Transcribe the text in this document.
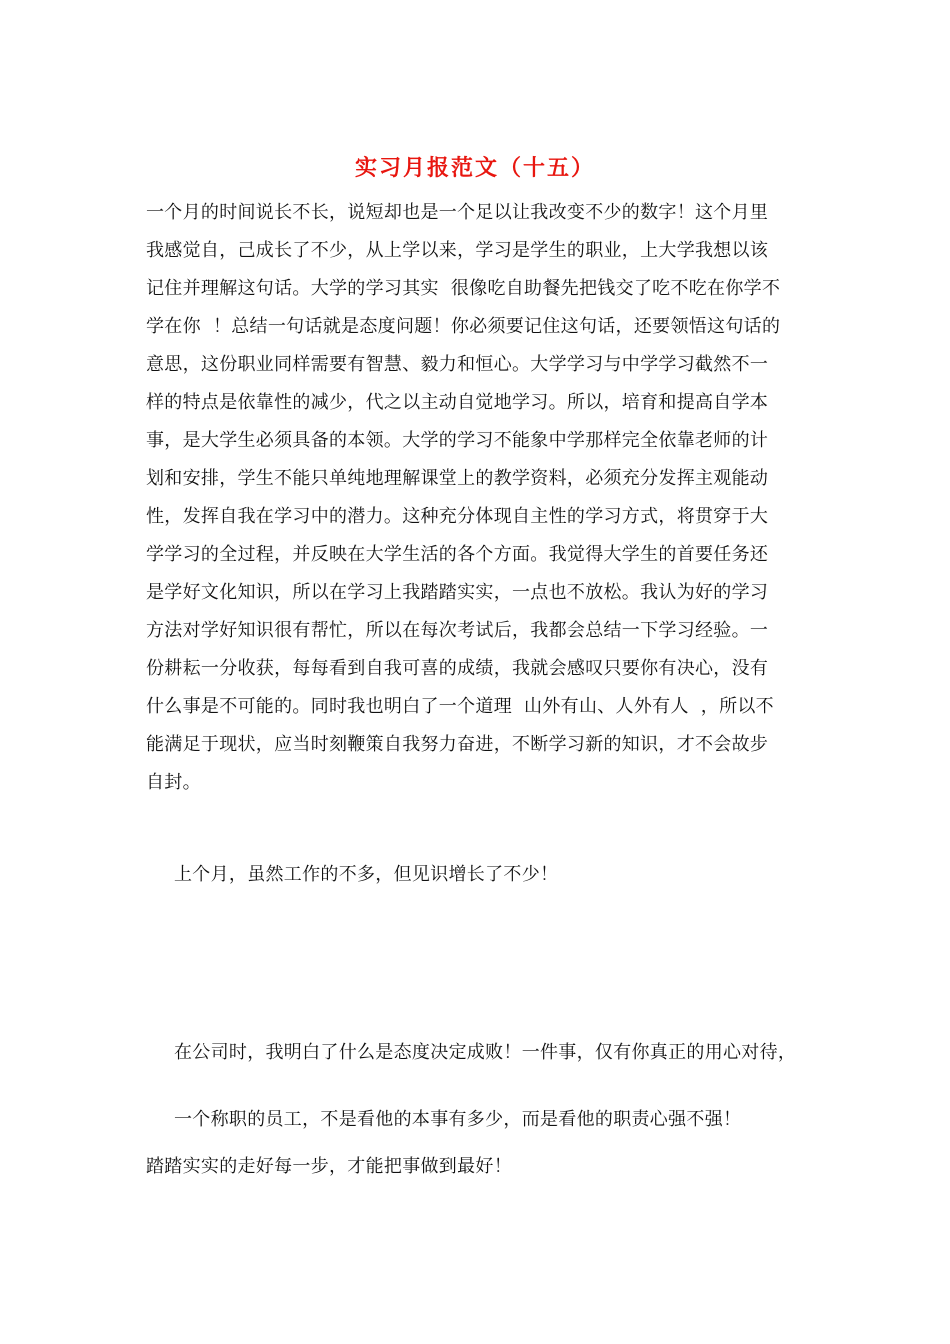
实习月报范文（十五）
一个月的时间说长不长，说短却也是一个足以让我改变不少的数字！这个月里
我感觉自，己成长了不少，从上学以来，学习是学生的职业，上大学我想以该
记住并理解这句话。大学的学习其实  很像吃自助餐先把钱交了吃不吃在你学不
学在你  ！总结一句话就是态度问题！你必须要记住这句话，还要领悟这句话的
意思，这份职业同样需要有智慧、毅力和恒心。大学学习与中学学习截然不一
样的特点是依靠性的减少，代之以主动自觉地学习。所以，培育和提高自学本
事，是大学生必须具备的本领。大学的学习不能象中学那样完全依靠老师的计
划和安排，学生不能只单纯地理解课堂上的教学资料，必须充分发挥主观能动
性，发挥自我在学习中的潜力。这种充分体现自主性的学习方式，将贯穿于大
学学习的全过程，并反映在大学生活的各个方面。我觉得大学生的首要任务还
是学好文化知识，所以在学习上我踏踏实实，一点也不放松。我认为好的学习
方法对学好知识很有帮忙，所以在每次考试后，我都会总结一下学习经验。一
份耕耘一分收获，每每看到自我可喜的成绩，我就会感叹只要你有决心，没有
什么事是不可能的。同时我也明白了一个道理  山外有山、人外有人  ，所以不
能满足于现状，应当时刻鞭策自我努力奋进，不断学习新的知识，才不会故步
自封。
上个月，虽然工作的不多，但见识增长了不少！

在公司时，我明白了什么是态度决定成败！一件事，仅有你真正的用心对待，

踏踏实实的走好每一步，才能把事做到最好！

一个称职的员工，不是看他的本事有多少，而是看他的职责心强不强！
